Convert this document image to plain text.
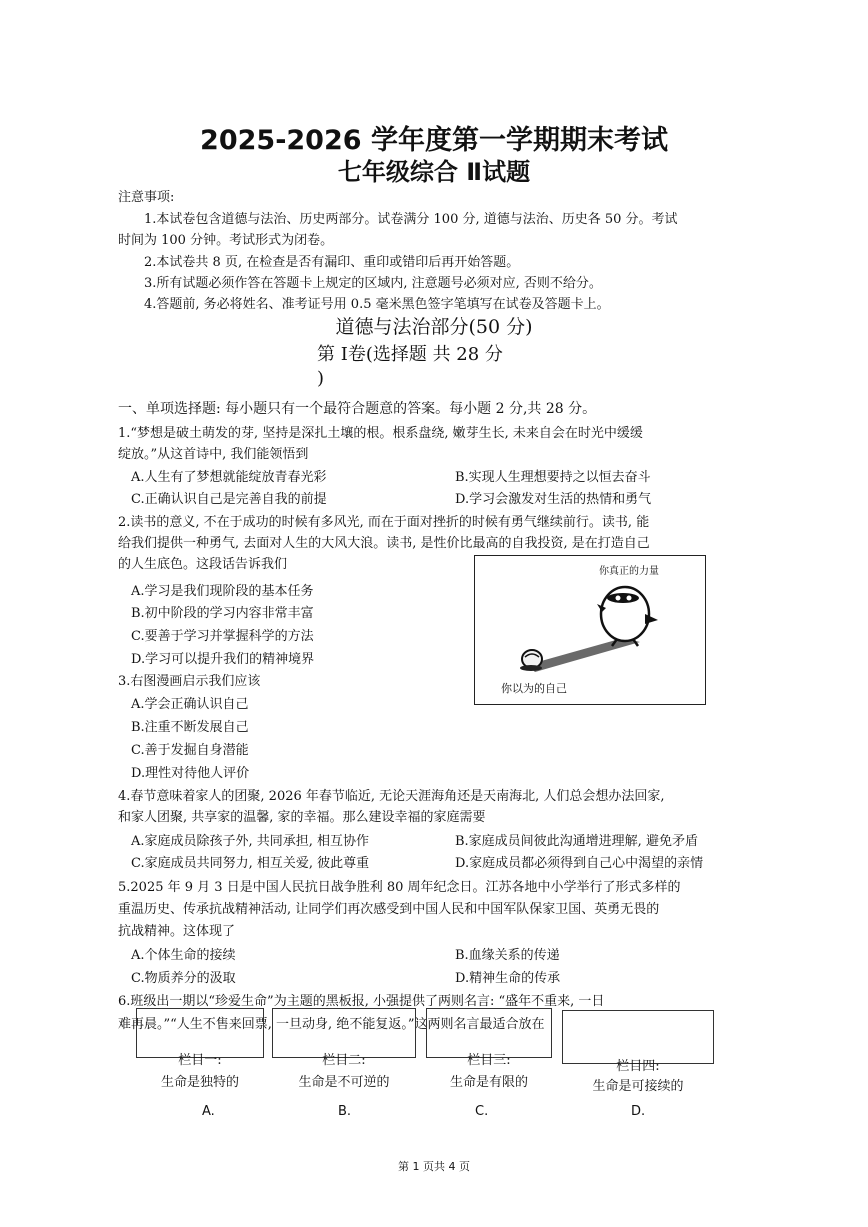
2025-2026 学年度第一学期期末考试
七年级综合 Ⅱ试题
注意事项:
1.本试卷包含道德与法治、历史两部分。试卷满分 100 分, 道德与法治、历史各 50 分。考试
时间为 100 分钟。考试形式为闭卷。
2.本试卷共 8 页, 在检查是否有漏印、重印或错印后再开始答题。
3.所有试题必须作答在答题卡上规定的区域内, 注意题号必须对应, 否则不给分。
4.答题前, 务必将姓名、准考证号用 0.5 毫米黑色签字笔填写在试卷及答题卡上。
道德与法治部分(50 分)
第 Ⅰ卷(选择题 共 28 分
)
一、单项选择题: 每小题只有一个最符合题意的答案。每小题 2 分,共 28 分。
1.“梦想是破土萌发的芽, 坚持是深扎土壤的根。根系盘绕, 嫩芽生长, 未来自会在时光中缓缓
绽放。”从这首诗中, 我们能领悟到
A.人生有了梦想就能绽放青春光彩	B.实现人生理想要持之以恒去奋斗
C.正确认识自己是完善自我的前提	D.学习会激发对生活的热情和勇气
2.读书的意义, 不在于成功的时候有多风光, 而在于面对挫折的时候有勇气继续前行。读书, 能
给我们提供一种勇气, 去面对人生的大风大浪。读书, 是性价比最高的自我投资, 是在打造自己
的人生底色。这段话告诉我们
A.学习是我们现阶段的基本任务
B.初中阶段的学习内容非常丰富
C.要善于学习并掌握科学的方法
D.学习可以提升我们的精神境界
你真正的力量
你以为的自己
3.右图漫画启示我们应该
A.学会正确认识自己
B.注重不断发展自己
C.善于发掘自身潜能
D.理性对待他人评价
4.春节意味着家人的团聚, 2026 年春节临近, 无论天涯海角还是天南海北, 人们总会想办法回家,
和家人团聚, 共享家的温馨, 家的幸福。那么建设幸福的家庭需要
A.家庭成员除孩子外, 共同承担, 相互协作	B.家庭成员间彼此沟通增进理解, 避免矛盾
C.家庭成员共同努力, 相互关爱, 彼此尊重	D.家庭成员都必须得到自己心中渴望的亲情
5.2025 年 9 月 3 日是中国人民抗日战争胜利 80 周年纪念日。江苏各地中小学举行了形式多样的
重温历史、传承抗战精神活动, 让同学们再次感受到中国人民和中国军队保家卫国、英勇无畏的
抗战精神。这体现了
A.个体生命的接续	B.血缘关系的传递
C.物质养分的汲取	D.精神生命的传承
6.班级出一期以“珍爱生命”为主题的黑板报, 小强提供了两则名言: “盛年不重来, 一日
难再晨。”“人生不售来回票, 一旦动身, 绝不能复返。”这两则名言最适合放在
栏目一:	栏目二:	栏目三:	栏目四:
生命是独特的	生命是不可逆的	生命是有限的	生命是可接续的
A.	B.	C.	D.
第 1 页共 4 页
